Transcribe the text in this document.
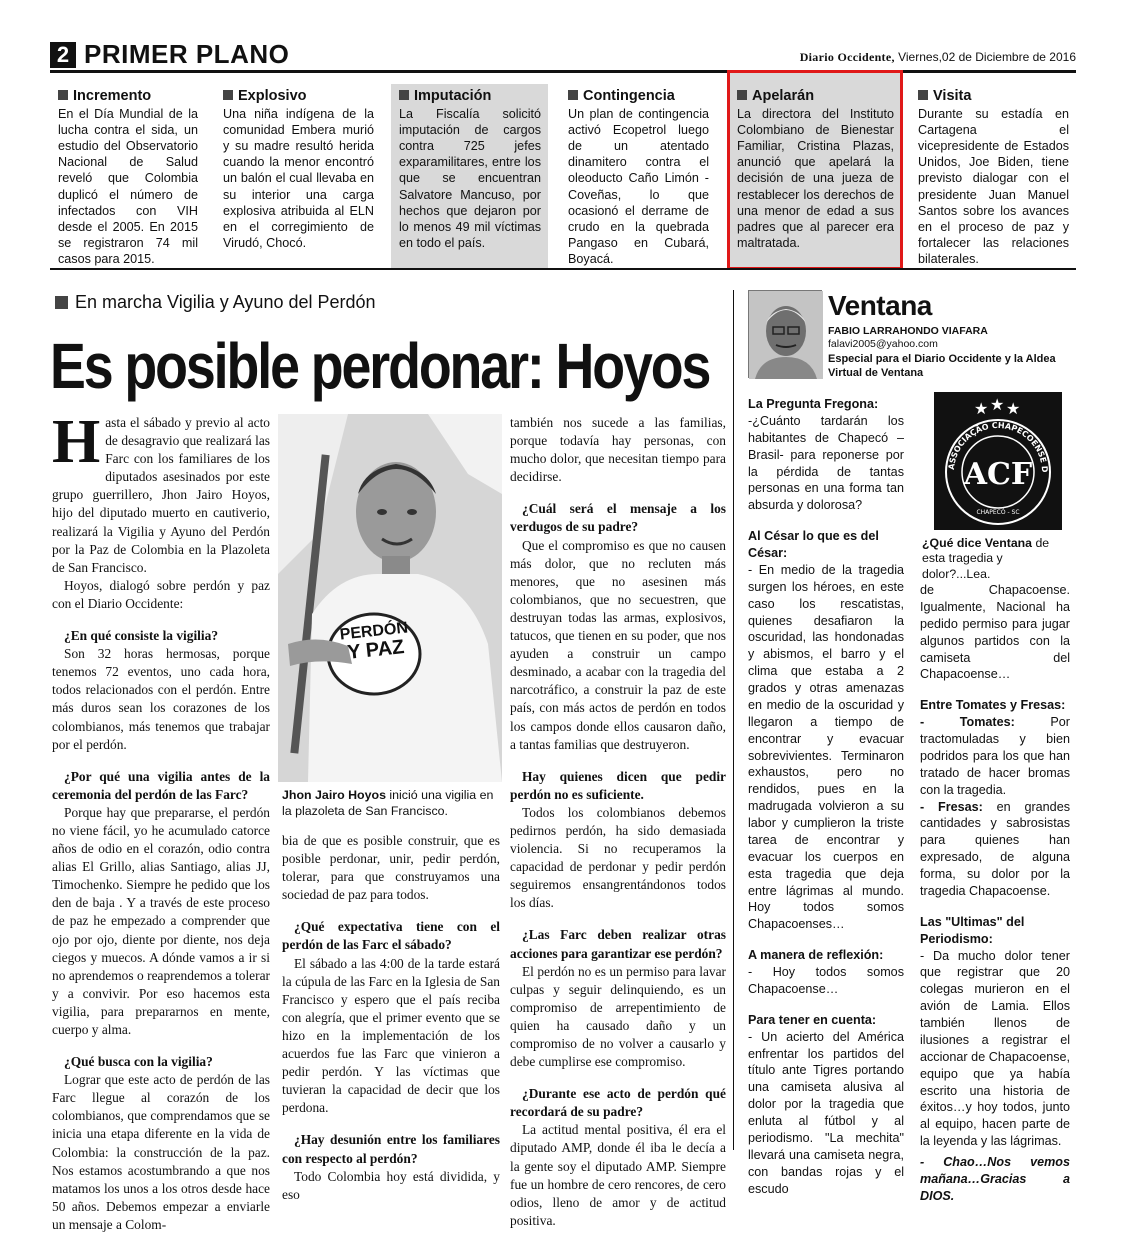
2 PRIMER PLANO	Diario Occidente, Viernes,02 de Diciembre de 2016
Incremento
En el Día Mundial de la lucha contra el sida, un estudio del Observatorio Nacional de Salud reveló que Colombia duplicó el número de infectados con VIH desde el 2005. En 2015 se registraron 74 mil casos para 2015.
Explosivo
Una niña indígena de la comunidad Embera murió y su madre resultó herida cuando la menor encontró un balón el cual llevaba en su interior una carga explosiva atribuida al ELN en el corregimiento de Virudó, Chocó.
Imputación
La Fiscalía solicitó imputación de cargos contra 725 jefes exparamilitares, entre los que se encuentran Salvatore Mancuso, por hechos que dejaron por lo menos 49 mil víctimas en todo el país.
Contingencia
Un plan de contingencia activó Ecopetrol luego de un atentado dinamitero contra el oleoducto Caño Limón - Coveñas, lo que ocasionó el derrame de crudo en la quebrada Pangaso en Cubará, Boyacá.
Apelarán
La directora del Instituto Colombiano de Bienestar Familiar, Cristina Plazas, anunció que apelará la decisión de una jueza de restablecer los derechos de una menor de edad a sus padres que al parecer era maltratada.
Visita
Durante su estadía en Cartagena el vicepresidente de Estados Unidos, Joe Biden, tiene previsto dialogar con el presidente Juan Manuel Santos sobre los avances en el proceso de paz y fortalecer las relaciones bilaterales.
En marcha Vigilia y Ayuno del Perdón
Es posible perdonar: Hoyos

Hasta el sábado y previo al acto de desagravio que realizará las Farc con los familiares de los diputados asesinados por este grupo guerrillero, Jhon Jairo Hoyos, hijo del diputado muerto en cautiverio, realizará la Vigilia y Ayuno del Perdón por la Paz de Colombia en la Plazoleta de San Francisco.

Hoyos, dialogó sobre perdón y paz con el Diario Occidente:

¿En qué consiste la vigilia?

Son 32 horas hermosas, porque tenemos 72 eventos, uno cada hora, todos relacionados con el perdón. Entre más duros sean los corazones de los colombianos, más tenemos que trabajar por el perdón.

¿Por qué una vigilia antes de la ceremonia del perdón de las Farc?

Porque hay que prepararse, el perdón no viene fácil, yo he acumulado catorce años de odio en el corazón, odio contra alias El Grillo, alias Santiago, alias JJ, Timochenko. Siempre he pedido que los den de baja . Y a través de este proceso de paz he empezado a comprender que ojo por ojo, diente por diente, nos deja ciegos y muecos. A dónde vamos a ir si no aprendemos o reaprendemos a tolerar y a convivir. Por eso hacemos esta vigilia, para prepararnos en mente, cuerpo y alma.

¿Qué busca con la vigilia?

Lograr que este acto de perdón de las Farc llegue al corazón de los colombianos, que comprendamos que se inicia una etapa diferente en la vida de Colombia: la construcción de la paz. Nos estamos acostumbrando a que nos matamos los unos a los otros desde hace 50 años. Debemos empezar a enviarle un mensaje a Colom-

PERDÓN
Y PAZ
Jhon Jairo Hoyos inició una vigilia en la plazoleta de San Francisco.

bia de que es posible construir, que es posible perdonar, unir, pedir perdón, tolerar, para que construyamos una sociedad de paz para todos.

¿Qué expectativa tiene con el perdón de las Farc el sábado?

El sábado a las 4:00 de la tarde estará la cúpula de las Farc en la Iglesia de San Francisco y espero que el país reciba con alegría, que el primer evento que se hizo en la implementación de los acuerdos fue las Farc que vinieron a pedir perdón. Y las víctimas que tuvieran la capacidad de decir que los perdona.

¿Hay desunión entre los familiares con respecto al perdón?

Todo Colombia hoy está dividida, y eso

también nos sucede a las familias, porque todavía hay personas, con mucho dolor, que necesitan tiempo para decidirse.

¿Cuál será el mensaje a los verdugos de su padre?

Que el compromiso es que no causen más dolor, que no recluten más menores, que no asesinen más colombianos, que no secuestren, que destruyan todas las armas, explosivos, tatucos, que tienen en su poder, que nos ayuden a construir un campo desminado, a acabar con la tragedia del narcotráfico, a construir la paz de este país, con más actos de perdón en todos los campos donde ellos causaron daño, a tantas familias que destruyeron.

Hay quienes dicen que pedir perdón no es suficiente.

Todos los colombianos debemos pedirnos perdón, ha sido demasiada violencia. Si no recuperamos la capacidad de perdonar y pedir perdón seguiremos ensangrentándonos todos los días.

¿Las Farc deben realizar otras acciones para garantizar ese perdón?

El perdón no es un permiso para lavar culpas y seguir delinquiendo, es un compromiso de arrepentimiento de quien ha causado daño y un compromiso de no volver a causarlo y debe cumplirse ese compromiso.

¿Durante ese acto de perdón qué recordará de su padre?

La actitud mental positiva, él era el diputado AMP, donde él iba le decía a la gente soy el diputado AMP. Siempre fue un hombre de cero rencores, de cero odios, lleno de amor y de actitud positiva.

Ventana
FABIO LARRAHONDO VIAFARA
falavi2005@yahoo.com
Especial para el Diario Occidente y la Aldea Virtual de Ventana
La Pregunta Fregona:

-¿Cuánto tardarán los habitantes de Chapecó –Brasil- para reponerse por la pérdida de tantas personas en una forma tan absurda y dolorosa?

Al César lo que es del César:

- En medio de la tragedia surgen los héroes, en este caso los rescatistas, quienes desafiaron la oscuridad, las hondonadas y abismos, el barro y el clima que estaba a 2 grados y otras amenazas en medio de la oscuridad y llegaron a tiempo de encontrar y evacuar sobrevivientes. Terminaron exhaustos, pero no rendidos, pues en la madrugada volvieron a su labor y cumplieron la triste tarea de encontrar y evacuar los cuerpos en esta tragedia que deja entre lágrimas al mundo. Hoy todos somos Chapacoenses…

A manera de reflexión:

- Hoy todos somos Chapacoense…

Para tener en cuenta:

- Un acierto del América enfrentar los partidos del título ante Tigres portando una camiseta alusiva al dolor por la tragedia que enluta al fútbol y al periodismo. "La mechita" llevará una camiseta negra, con bandas rojas y el escudo

★ ★ ★
ASSOCIAÇÃO CHAPECOENSE D
ACF
CHAPECÓ - SC
¿Qué dice Ventana de esta tragedia y dolor?...Lea.

de Chapacoense. Igualmente, Nacional ha pedido permiso para jugar algunos partidos con la camiseta del Chapacoense…

Entre Tomates y Fresas:

- Tomates: Por tractomuladas y bien podridos para los que han tratado de hacer bromas con la tragedia.

- Fresas: en grandes cantidades y sabrosistas para quienes han expresado, de alguna forma, su dolor por la tragedia Chapacoense.

Las "Ultimas" del Periodismo:

- Da mucho dolor tener que registrar que 20 colegas murieron en el avión de Lamia. Ellos también llenos de ilusiones a registrar el accionar de Chapacoense, equipo que ya había escrito una historia de éxitos…y hoy todos, junto al equipo, hacen parte de la leyenda y las lágrimas.

- Chao…Nos vemos mañana…Gracias a DIOS.
